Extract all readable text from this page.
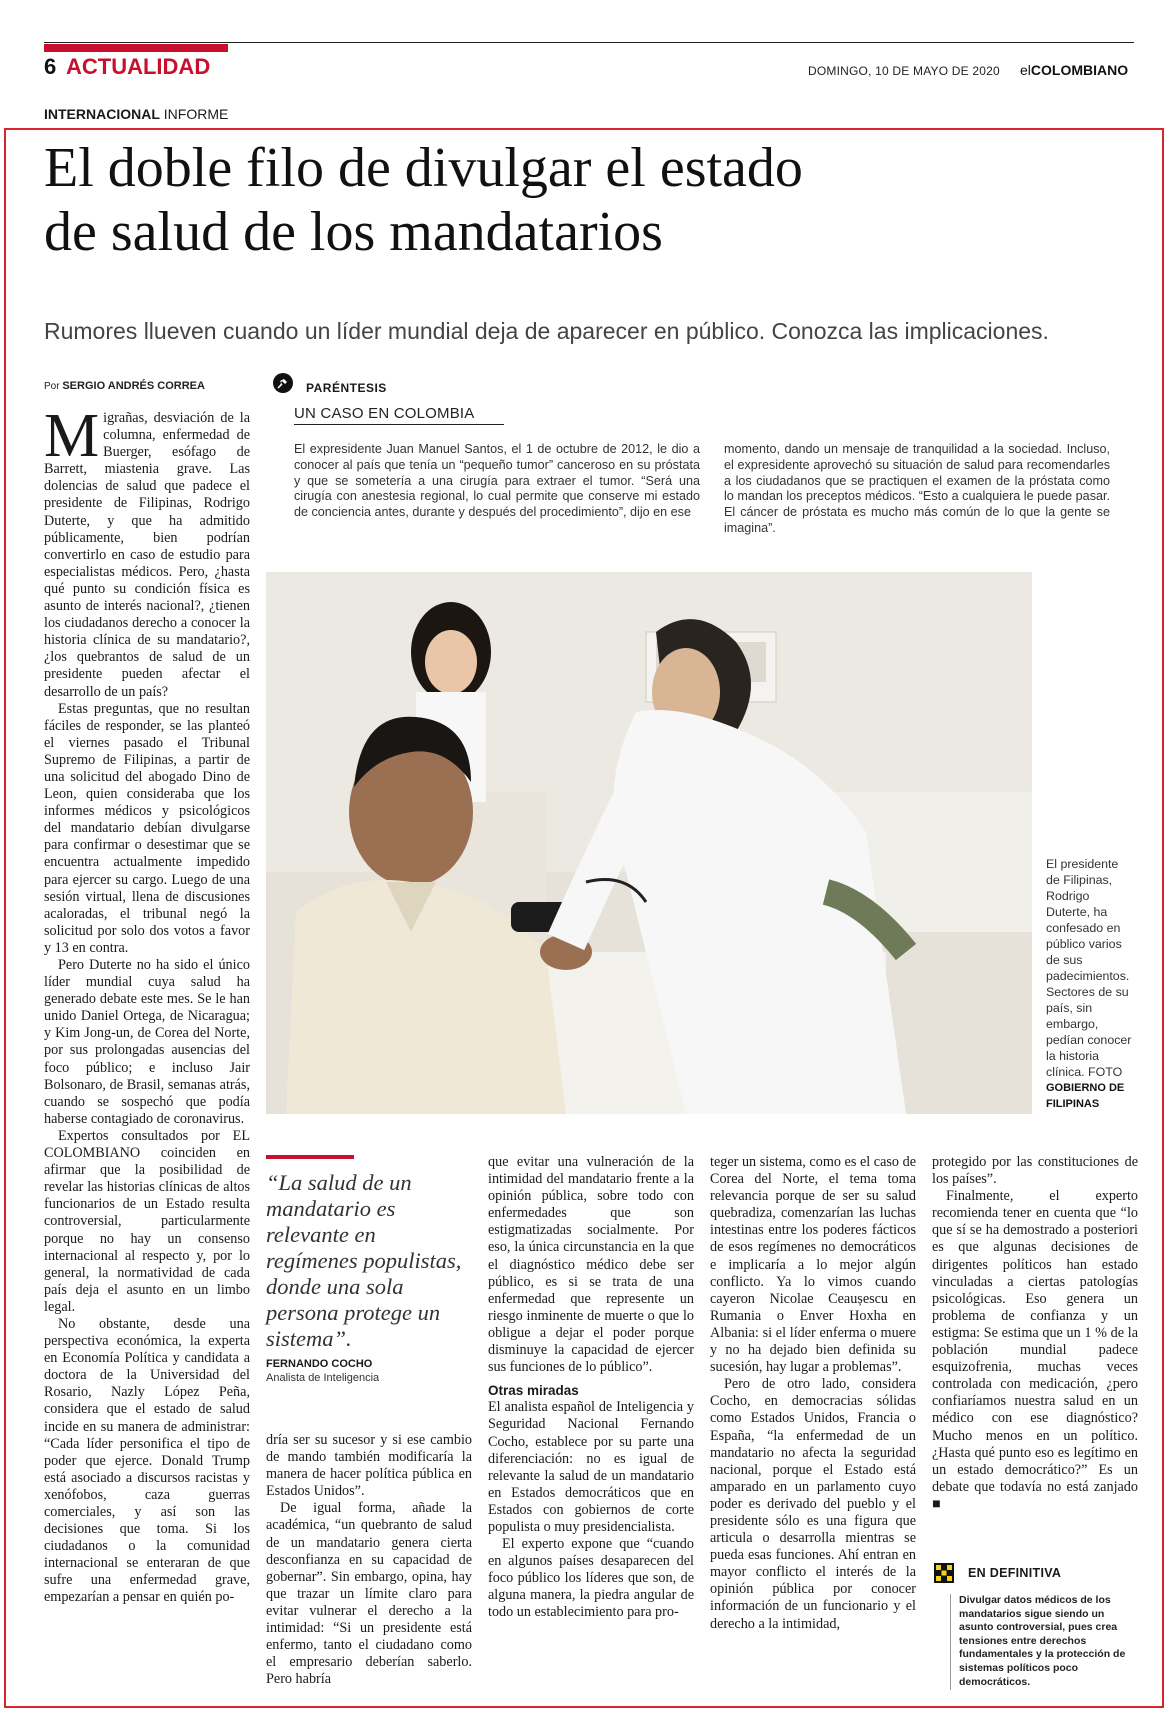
6 ACTUALIDAD	DOMINGO, 10 DE MAYO DE 2020 elCOLOMBIANO
INTERNACIONAL INFORME
El doble filo de divulgar el estado
de salud de los mandatarios
Rumores llueven cuando un líder mundial deja de aparecer en público. Conozca las implicaciones.
Por SERGIO ANDRÉS CORREA

Migrañas, desviación de la columna, enfermedad de Buerger, esófago de Barrett, miastenia grave. Las dolencias de salud que padece el presidente de Filipinas, Rodrigo Duterte, y que ha admitido públicamente, bien podrían convertirlo en caso de estudio para especialistas médicos. Pero, ¿hasta qué punto su condición física es asunto de interés nacional?, ¿tienen los ciudadanos derecho a conocer la historia clínica de su mandatario?, ¿los quebrantos de salud de un presidente pueden afectar el desarrollo de un país?

Estas preguntas, que no resultan fáciles de responder, se las planteó el viernes pasado el Tribunal Supremo de Filipinas, a partir de una solicitud del abogado Dino de Leon, quien consideraba que los informes médicos y psicológicos del mandatario debían divulgarse para confirmar o desestimar que se encuentra actualmente impedido para ejercer su cargo. Luego de una sesión virtual, llena de discusiones acaloradas, el tribunal negó la solicitud por solo dos votos a favor y 13 en contra.

Pero Duterte no ha sido el único líder mundial cuya salud ha generado debate este mes. Se le han unido Daniel Ortega, de Nicaragua; y Kim Jong-un, de Corea del Norte, por sus prolongadas ausencias del foco público; e incluso Jair Bolsonaro, de Brasil, semanas atrás, cuando se sospechó que podía haberse contagiado de coronavirus.

Expertos consultados por EL COLOMBIANO coinciden en afirmar que la posibilidad de revelar las historias clínicas de altos funcionarios de un Estado resulta controversial, particularmente porque no hay un consenso internacional al respecto y, por lo general, la normatividad de cada país deja el asunto en un limbo legal.

No obstante, desde una perspectiva económica, la experta en Economía Política y candidata a doctora de la Universidad del Rosario, Nazly López Peña, considera que el estado de salud incide en su manera de administrar: “Cada líder personifica el tipo de poder que ejerce. Donald Trump está asociado a discursos racistas y xenófobos, caza guerras comerciales, y así son las decisiones que toma. Si los ciudadanos o la comunidad internacional se enteraran de que sufre una enfermedad grave, empezarían a pensar en quién po-

PARÉNTESIS
UN CASO EN COLOMBIA
El expresidente Juan Manuel Santos, el 1 de octubre de 2012, le dio a conocer al país que tenía un “pequeño tumor” canceroso en su próstata y que se sometería a una cirugía para extraer el tumor. “Será una cirugía con anestesia regional, lo cual permite que conserve mi estado de conciencia antes, durante y después del procedimiento”, dijo en ese
momento, dando un mensaje de tranquilidad a la sociedad. Incluso, el expresidente aprovechó su situación de salud para recomendarles a los ciudadanos que se practiquen el examen de la próstata como lo mandan los preceptos médicos. “Esto a cualquiera le puede pasar. El cáncer de próstata es mucho más común de lo que la gente se imagina”.
El presidente de Filipinas, Rodrigo Duterte, ha confesado en público varios de sus padecimientos. Sectores de su país, sin embargo, pedían conocer la historia clínica. FOTO
GOBIERNO DE FILIPINAS
“La salud de un mandatario es relevante en regímenes populistas, donde una sola persona protege un sistema”.
FERNANDO COCHO
Analista de Inteligencia

dría ser su sucesor y si ese cambio de mando también modificaría la manera de hacer política pública en Estados Unidos”.

De igual forma, añade la académica, “un quebranto de salud de un mandatario genera cierta desconfianza en su capacidad de gobernar”. Sin embargo, opina, hay que trazar un límite claro para evitar vulnerar el derecho a la intimidad: “Si un presidente está enfermo, tanto el ciudadano como el empresario deberían saberlo. Pero habría

que evitar una vulneración de la intimidad del mandatario frente a la opinión pública, sobre todo con enfermedades que son estigmatizadas socialmente. Por eso, la única circunstancia en la que el diagnóstico médico debe ser público, es si se trata de una enfermedad que represente un riesgo inminente de muerte o que lo obligue a dejar el poder porque disminuye la capacidad de ejercer sus funciones de lo público”.

Otras miradas

El analista español de Inteligencia y Seguridad Nacional Fernando Cocho, establece por su parte una diferenciación: no es igual de relevante la salud de un mandatario en Estados democráticos que en Estados con gobiernos de corte populista o muy presidencialista.

El experto expone que “cuando en algunos países desaparecen del foco público los líderes que son, de alguna manera, la piedra angular de todo un establecimiento para pro-

teger un sistema, como es el caso de Corea del Norte, el tema toma relevancia porque de ser su salud quebradiza, comenzarían las luchas intestinas entre los poderes fácticos de esos regímenes no democráticos e implicaría a lo mejor algún conflicto. Ya lo vimos cuando cayeron Nicolae Ceaușescu en Rumania o Enver Hoxha en Albania: si el líder enferma o muere y no ha dejado bien definida su sucesión, hay lugar a problemas”.

Pero de otro lado, considera Cocho, en democracias sólidas como Estados Unidos, Francia o España, “la enfermedad de un mandatario no afecta la seguridad nacional, porque el Estado está amparado en un parlamento cuyo poder es derivado del pueblo y el presidente sólo es una figura que articula o desarrolla mientras se pueda esas funciones. Ahí entran en mayor conflicto el interés de la opinión pública por conocer información de un funcionario y el derecho a la intimidad,

protegido por las constituciones de los países”.

Finalmente, el experto recomienda tener en cuenta que “lo que sí se ha demostrado a posteriori es que algunas decisiones de dirigentes políticos han estado vinculadas a ciertas patologías psicológicas. Eso genera un problema de confianza y un estigma: Se estima que un 1 % de la población mundial padece esquizofrenia, muchas veces controlada con medicación, ¿pero confiaríamos nuestra salud en un médico con ese diagnóstico? Mucho menos en un político. ¿Hasta qué punto eso es legítimo en un estado democrático?” Es un debate que todavía no está zanjado ■

EN DEFINITIVA
Divulgar datos médicos de los mandatarios sigue siendo un asunto controversial, pues crea tensiones entre derechos fundamentales y la protección de sistemas políticos poco democráticos.
